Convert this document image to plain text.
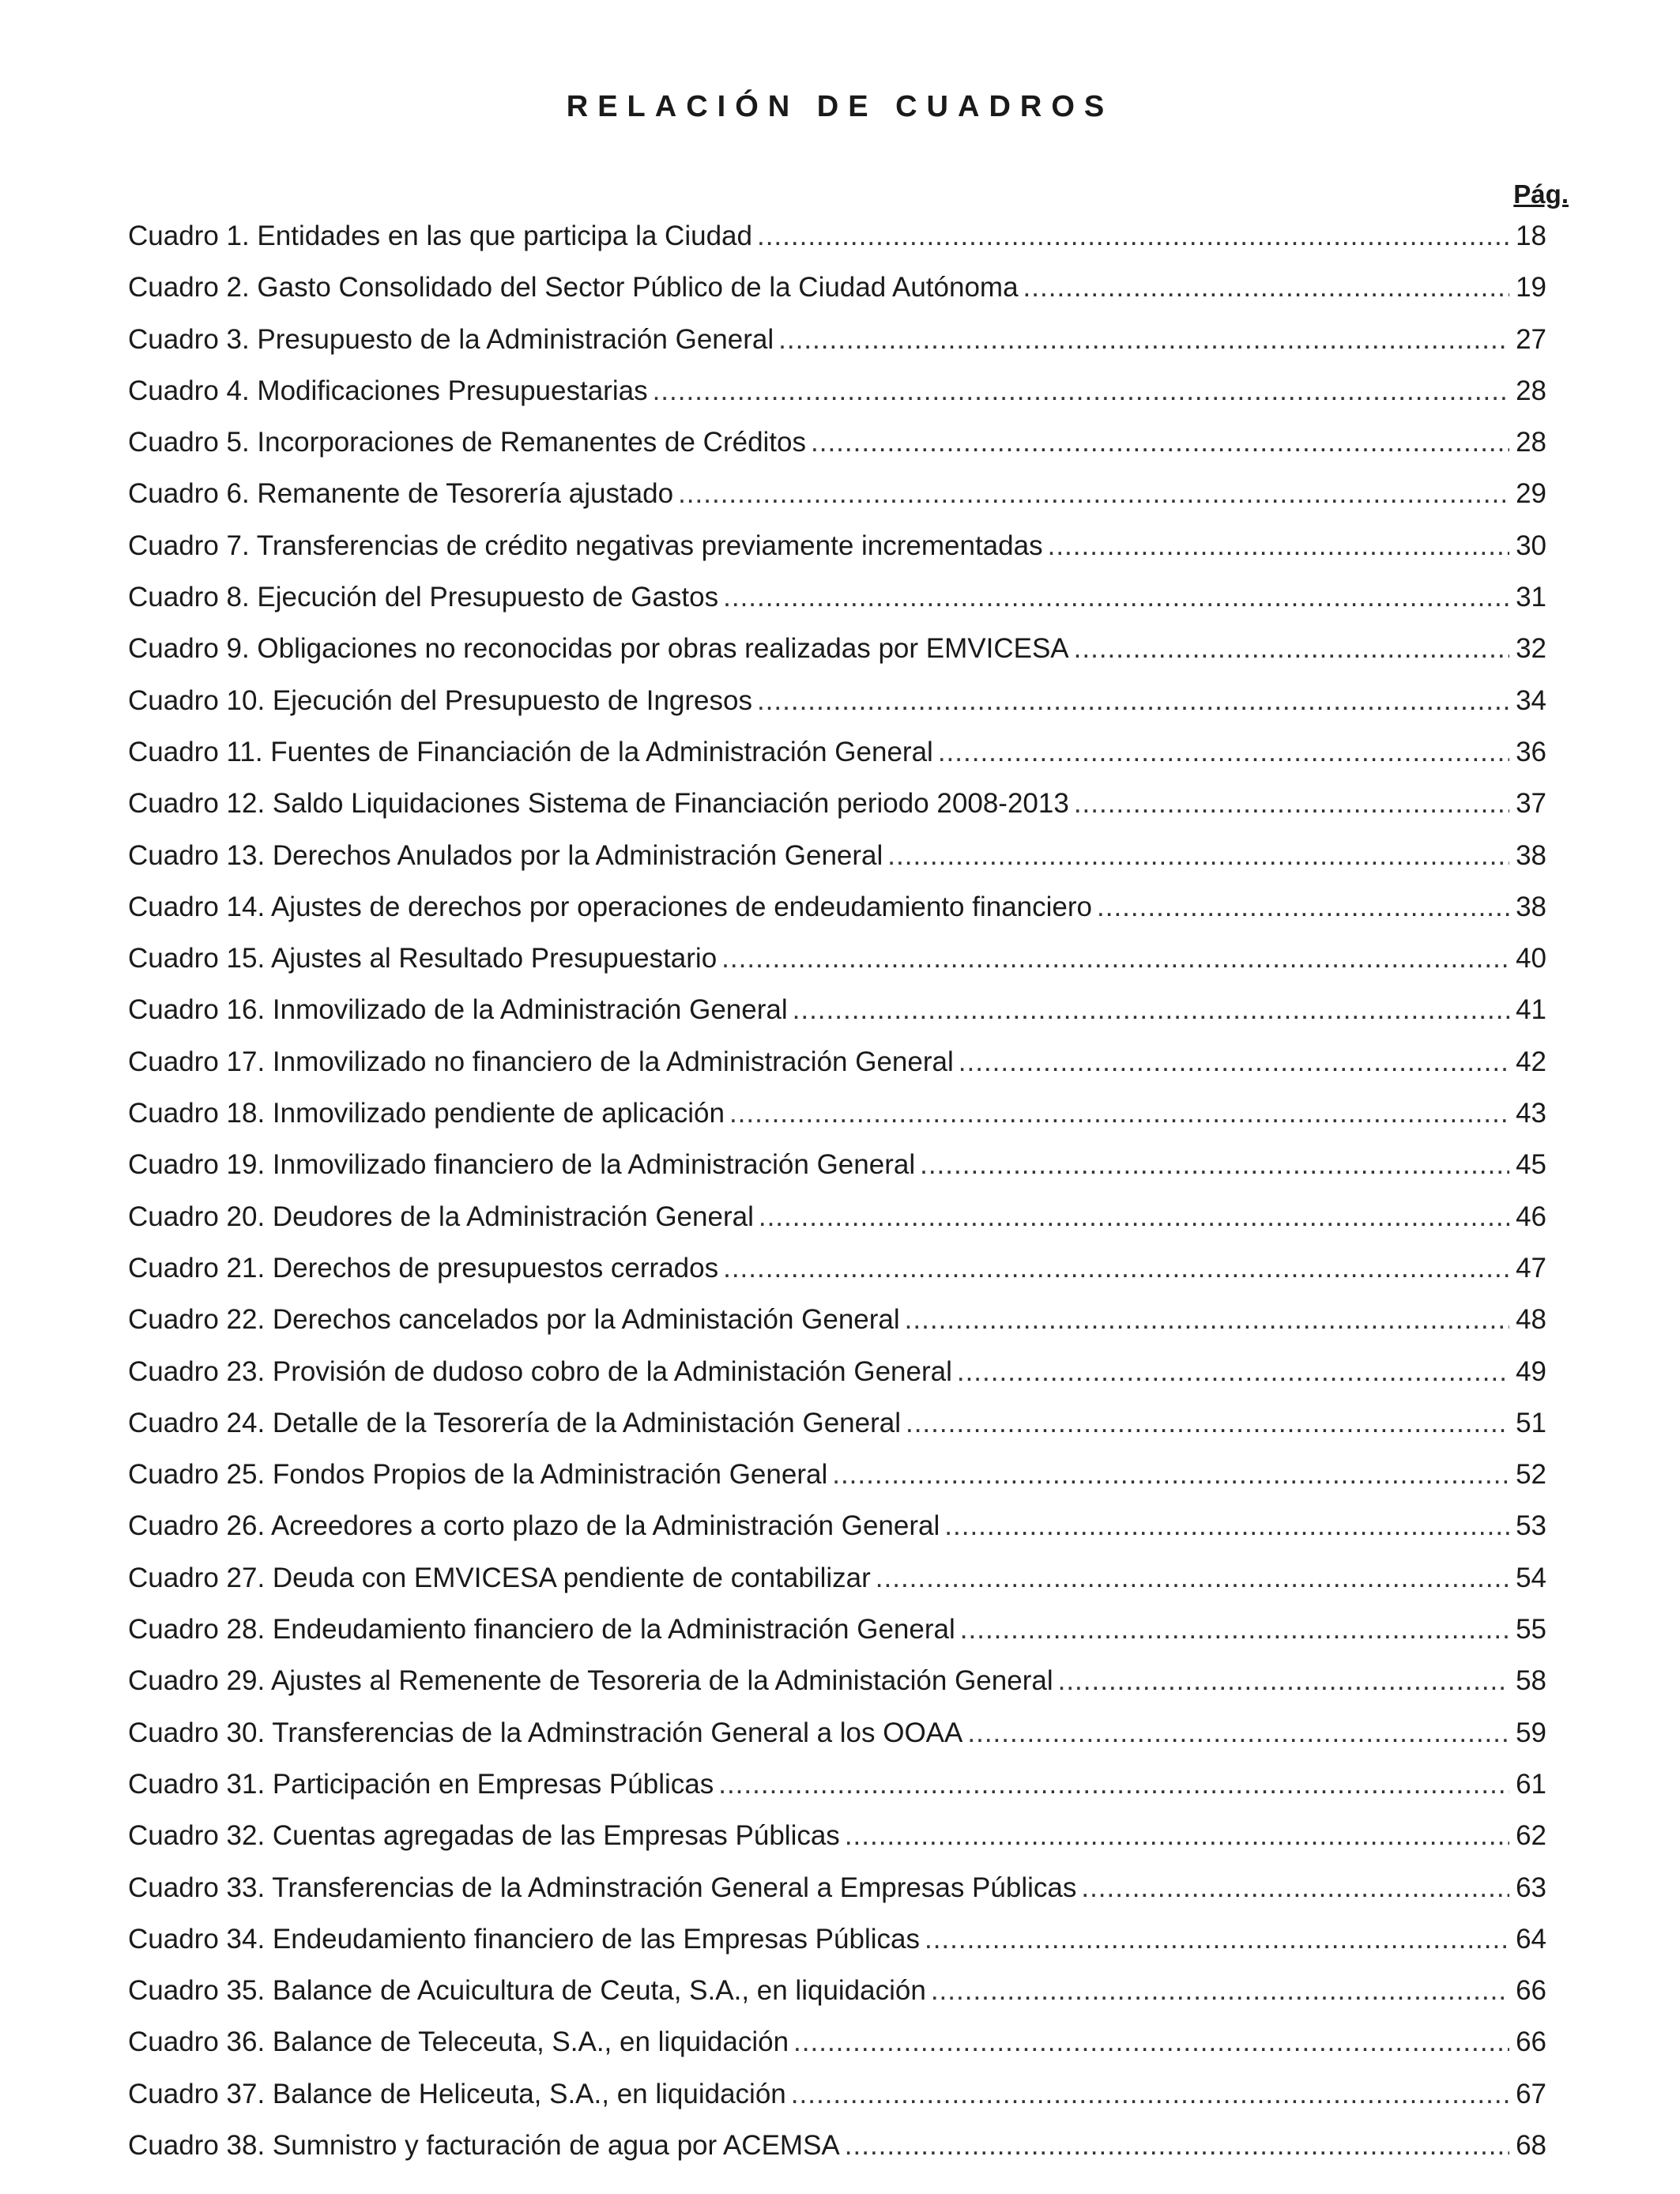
RELACIÓN DE CUADROS
Pág.
Cuadro 1. Entidades en las que participa la Ciudad .....	18
Cuadro 2. Gasto Consolidado del Sector Público de la Ciudad Autónoma .....	19
Cuadro 3. Presupuesto de la Administración General .....	27
Cuadro 4. Modificaciones Presupuestarias .....	28
Cuadro 5. Incorporaciones de Remanentes de Créditos .....	28
Cuadro 6. Remanente de Tesorería ajustado .....	29
Cuadro 7. Transferencias de crédito negativas previamente incrementadas .....	30
Cuadro 8. Ejecución del Presupuesto de Gastos .....	31
Cuadro 9. Obligaciones no reconocidas por obras realizadas por EMVICESA .....	32
Cuadro 10. Ejecución del Presupuesto de Ingresos .....	34
Cuadro 11. Fuentes de Financiación de la Administración General .....	36
Cuadro 12. Saldo Liquidaciones Sistema de Financiación periodo 2008-2013 .....	37
Cuadro 13. Derechos Anulados por la Administración General .....	38
Cuadro 14. Ajustes de derechos por operaciones de endeudamiento financiero .....	38
Cuadro 15. Ajustes al Resultado Presupuestario .....	40
Cuadro 16. Inmovilizado de la Administración General .....	41
Cuadro 17. Inmovilizado no financiero de la Administración General .....	42
Cuadro 18. Inmovilizado pendiente de aplicación .....	43
Cuadro 19. Inmovilizado financiero de la Administración General .....	45
Cuadro 20. Deudores de la Administración General .....	46
Cuadro 21. Derechos de presupuestos cerrados .....	47
Cuadro 22. Derechos cancelados por la Administación General .....	48
Cuadro 23. Provisión de dudoso cobro de la Administación General .....	49
Cuadro 24. Detalle de la Tesorería de la Administación General .....	51
Cuadro 25. Fondos Propios de la Administración General .....	52
Cuadro 26. Acreedores a corto plazo de la Administración General .....	53
Cuadro 27. Deuda con EMVICESA pendiente de contabilizar .....	54
Cuadro 28. Endeudamiento financiero de la Administración General .....	55
Cuadro 29. Ajustes al Remenente de Tesoreria de la Administación General .....	58
Cuadro 30. Transferencias de la Adminstración General a los OOAA .....	59
Cuadro 31. Participación en Empresas Públicas .....	61
Cuadro 32. Cuentas agregadas de las Empresas Públicas .....	62
Cuadro 33. Transferencias de la Adminstración General a Empresas Públicas .....	63
Cuadro 34. Endeudamiento financiero de las Empresas Públicas .....	64
Cuadro 35. Balance de Acuicultura de Ceuta, S.A., en liquidación .....	66
Cuadro 36. Balance de Teleceuta, S.A., en liquidación .....	66
Cuadro 37. Balance de Heliceuta, S.A., en liquidación .....	67
Cuadro 38. Sumnistro y facturación de agua por ACEMSA .....	68
